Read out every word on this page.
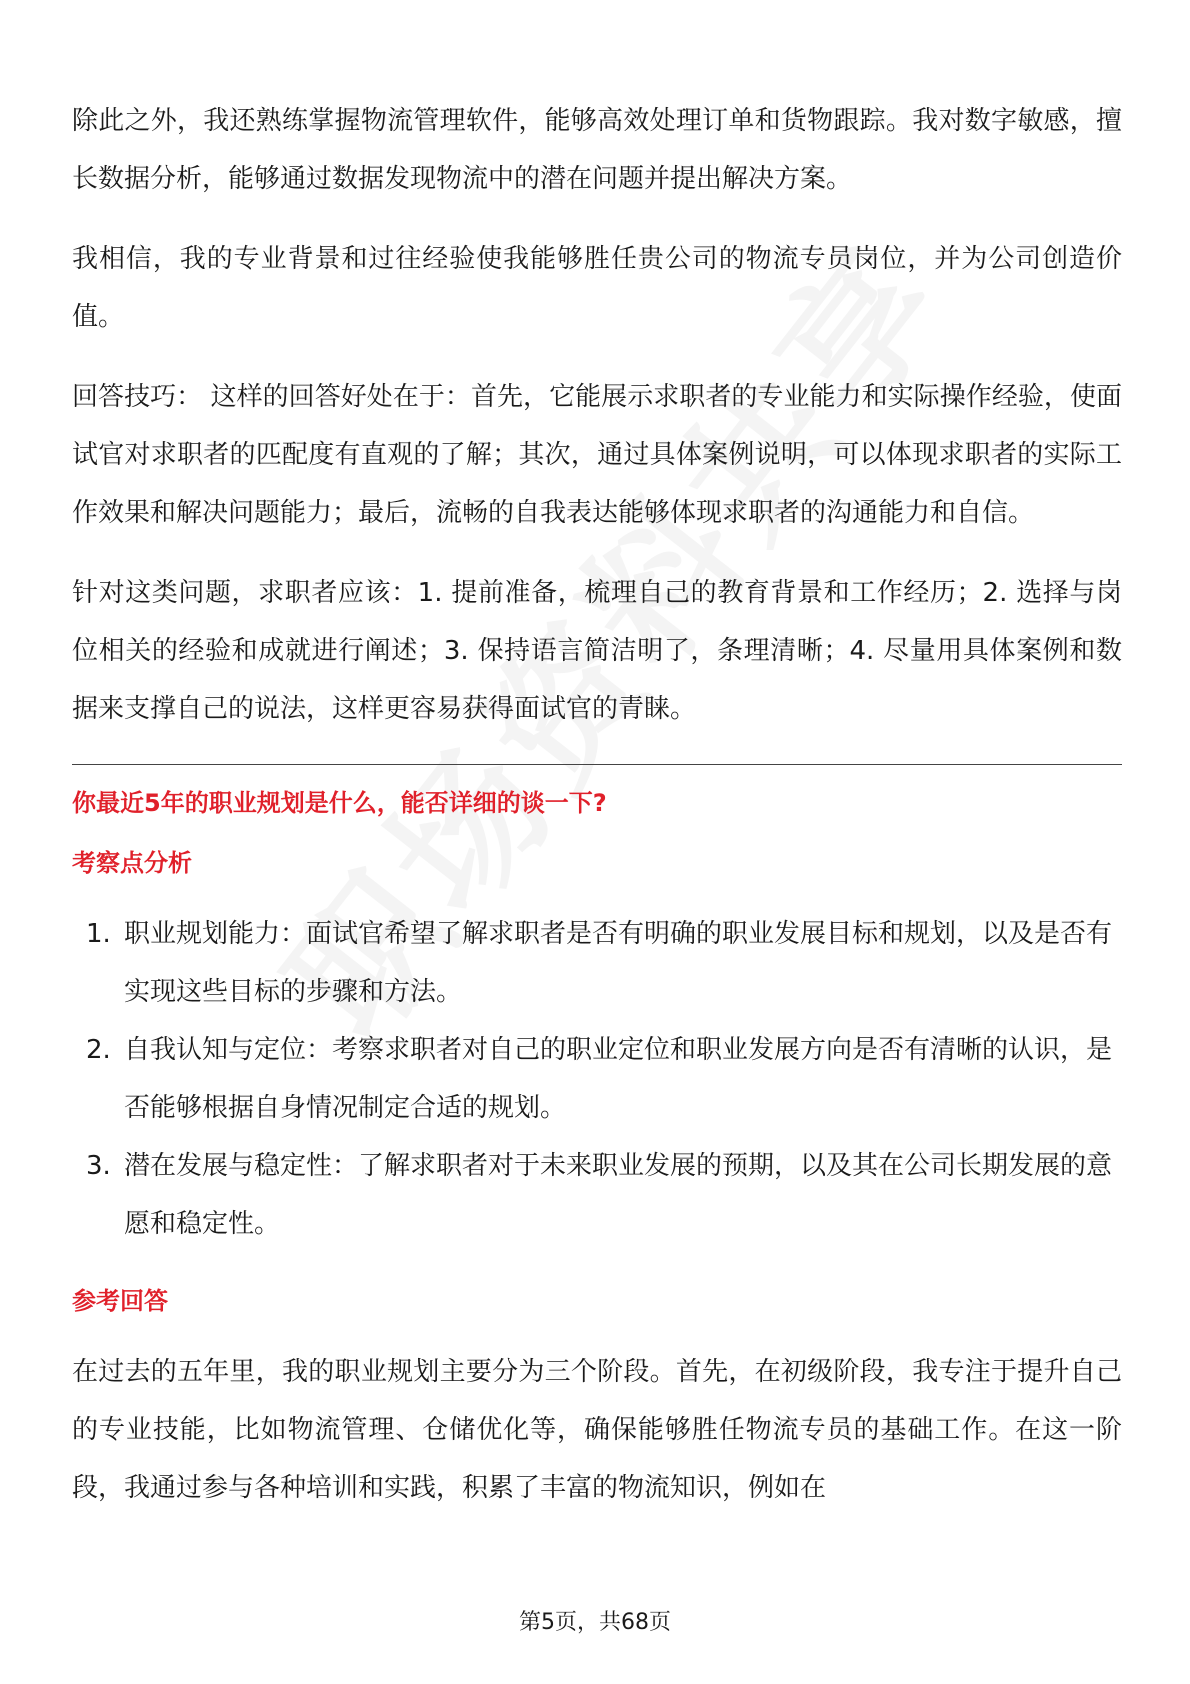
除此之外，我还熟练掌握物流管理软件，能够高效处理订单和货物跟踪。我对数字敏感，擅长数据分析，能够通过数据发现物流中的潜在问题并提出解决方案。

我相信，我的专业背景和过往经验使我能够胜任贵公司的物流专员岗位，并为公司创造价值。

回答技巧： 这样的回答好处在于：首先，它能展示求职者的专业能力和实际操作经验，使面试官对求职者的匹配度有直观的了解；其次，通过具体案例说明，可以体现求职者的实际工作效果和解决问题能力；最后，流畅的自我表达能够体现求职者的沟通能力和自信。

针对这类问题，求职者应该：1. 提前准备，梳理自己的教育背景和工作经历；2. 选择与岗位相关的经验和成就进行阐述；3. 保持语言简洁明了，条理清晰；4. 尽量用具体案例和数据来支撑自己的说法，这样更容易获得面试官的青睐。

你最近5年的职业规划是什么，能否详细的谈一下?
考察点分析
1. 职业规划能力：面试官希望了解求职者是否有明确的职业发展目标和规划，以及是否有实现这些目标的步骤和方法。
2. 自我认知与定位：考察求职者对自己的职业定位和职业发展方向是否有清晰的认识，是否能够根据自身情况制定合适的规划。
3. 潜在发展与稳定性：了解求职者对于未来职业发展的预期，以及其在公司长期发展的意愿和稳定性。
参考回答

在过去的五年里，我的职业规划主要分为三个阶段。首先，在初级阶段，我专注于提升自己的专业技能，比如物流管理、仓储优化等，确保能够胜任物流专员的基础工作。在这一阶段，我通过参与各种培训和实践，积累了丰富的物流知识，例如在

第5页，共68页
